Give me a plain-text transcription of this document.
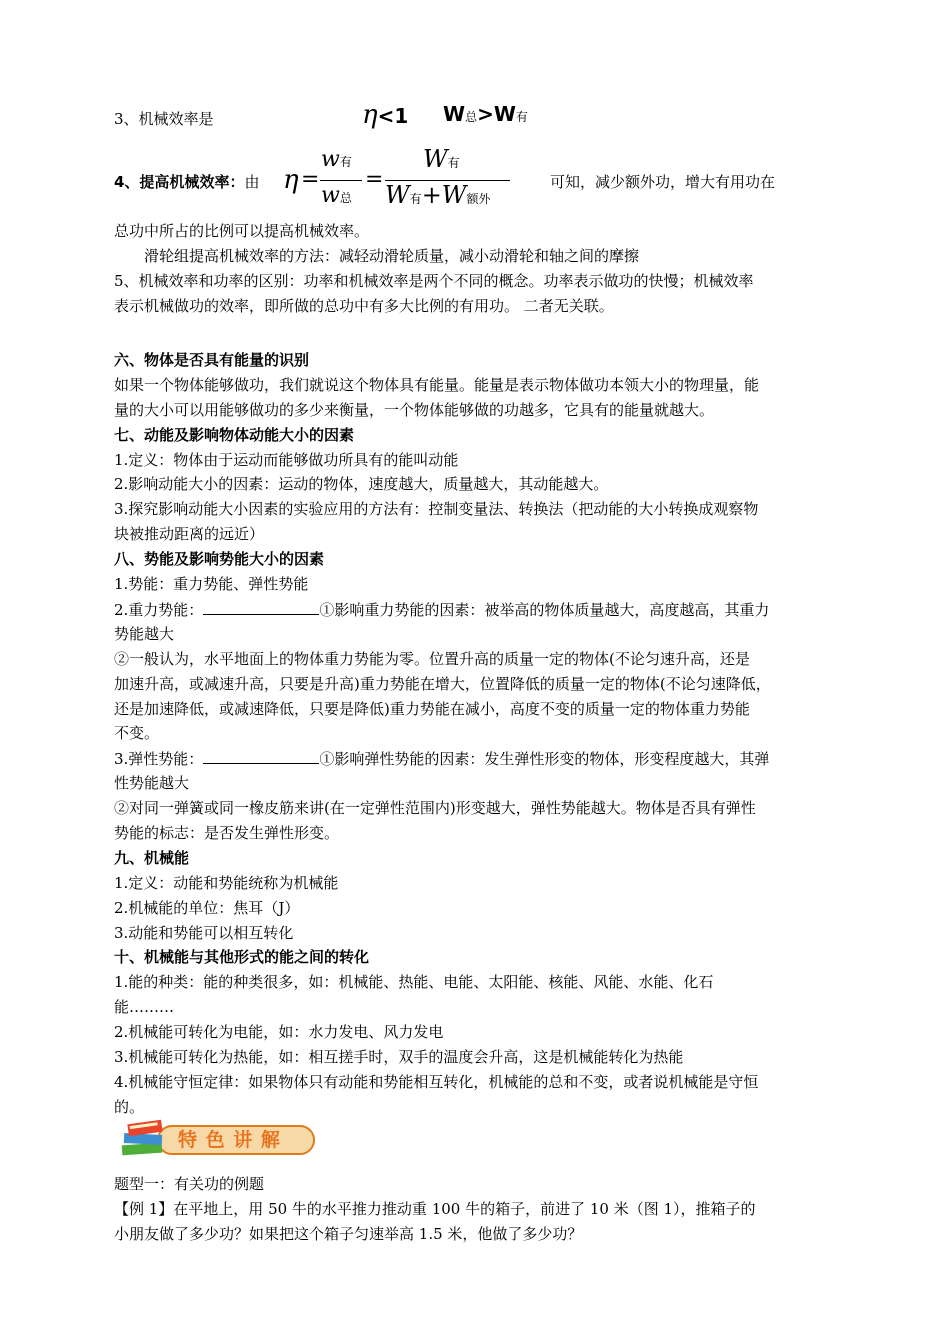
3、机械效率是	η<1 W总>W有
4、提高机械效率：由 η =
w有
w总
=
W有
W有+W额外
可知，减少额外功，增大有用功在
总功中所占的比例可以提高机械效率。
滑轮组提高机械效率的方法：减轻动滑轮质量，减小动滑轮和轴之间的摩擦
5、机械效率和功率的区别：功率和机械效率是两个不同的概念。功率表示做功的快慢；机械效率
表示机械做功的效率，即所做的总功中有多大比例的有用功。 二者无关联。
六、物体是否具有能量的识别
如果一个物体能够做功，我们就说这个物体具有能量。能量是表示物体做功本领大小的物理量，能
量的大小可以用能够做功的多少来衡量，一个物体能够做的功越多，它具有的能量就越大。
七、动能及影响物体动能大小的因素
1.定义：物体由于运动而能够做功所具有的能叫动能
2.影响动能大小的因素：运动的物体，速度越大，质量越大，其动能越大。
3.探究影响动能大小因素的实验应用的方法有：控制变量法、转换法（把动能的大小转换成观察物
块被推动距离的远近）
八、势能及影响势能大小的因素
1.势能：重力势能、弹性势能
2.重力势能：	①影响重力势能的因素：被举高的物体质量越大，高度越高，其重力
势能越大
②一般认为，水平地面上的物体重力势能为零。位置升高的质量一定的物体(不论匀速升高，还是
加速升高，或减速升高，只要是升高)重力势能在增大，位置降低的质量一定的物体(不论匀速降低，
还是加速降低，或减速降低，只要是降低)重力势能在减小，高度不变的质量一定的物体重力势能
不变。
3.弹性势能：	①影响弹性势能的因素：发生弹性形变的物体，形变程度越大，其弹
性势能越大
②对同一弹簧或同一橡皮筋来讲(在一定弹性范围内)形变越大，弹性势能越大。物体是否具有弹性
势能的标志：是否发生弹性形变。
九、机械能
1.定义：动能和势能统称为机械能
2.机械能的单位：焦耳（J）
3.动能和势能可以相互转化
十、机械能与其他形式的能之间的转化
1.能的种类：能的种类很多，如：机械能、热能、电能、太阳能、核能、风能、水能、化石
能………
2.机械能可转化为电能，如：水力发电、风力发电
3.机械能可转化为热能，如：相互搓手时，双手的温度会升高，这是机械能转化为热能
4.机械能守恒定律：如果物体只有动能和势能相互转化，机械能的总和不变，或者说机械能是守恒
的。
特 色 讲 解
题型一：有关功的例题
【例 1】在平地上，用 50 牛的水平推力推动重 100 牛的箱子，前进了 10 米（图 1），推箱子的
小朋友做了多少功？如果把这个箱子匀速举高 1.5 米，他做了多少功？
